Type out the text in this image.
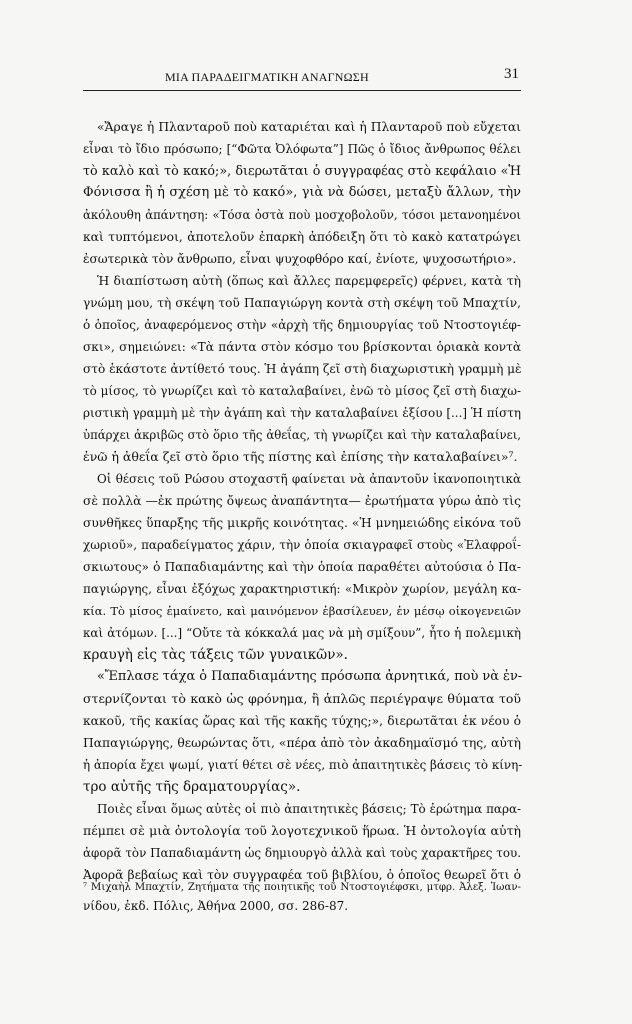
ΜΙΑ ΠΑΡΑΔΕΙΓΜΑΤΙΚΗ ΑΝΑΓΝΩΣΗ	31
«Ἄραγε ἡ Πλανταροῦ ποὺ καταριέται καὶ ἡ Πλανταροῦ ποὺ εὔχεται
εἶναι τὸ ἴδιο πρόσωπο; [“Φῶτα Ὀλόφωτα”] Πῶς ὁ ἴδιος ἄνθρωπος θέλει
τὸ καλὸ καὶ τὸ κακό;», διερωτᾶται ὁ συγγραφέας στὸ κεφάλαιο «Ἡ
Φόνισσα ἢ ἡ σχέση μὲ τὸ κακό», γιὰ νὰ δώσει, μεταξὺ ἄλλων, τὴν
ἀκόλουθη ἀπάντηση: «Τόσα ὀστὰ ποὺ μοσχοβολοῦν, τόσοι μετανοημένοι
καὶ τυπτόμενοι, ἀποτελοῦν ἐπαρκὴ ἀπόδειξη ὅτι τὸ κακὸ κατατρώγει
ἐσωτερικὰ τὸν ἄνθρωπο, εἶναι ψυχοφθόρο καί, ἐνίοτε, ψυχοσωτήριο».
Ἡ διαπίστωση αὐτὴ (ὅπως καὶ ἄλλες παρεμφερεῖς) φέρνει, κατὰ τὴ
γνώμη μου, τὴ σκέψη τοῦ Παπαγιώργη κοντὰ στὴ σκέψη τοῦ Μπαχτίν,
ὁ ὁποῖος, ἀναφερόμενος στὴν «ἀρχὴ τῆς δημιουργίας τοῦ Ντοστογιέφ-
σκι», σημειώνει: «Τὰ πάντα στὸν κόσμο του βρίσκονται ὁριακὰ κοντὰ
στὸ ἑκάστοτε ἀντίθετό τους. Ἡ ἀγάπη ζεῖ στὴ διαχωριστικὴ γραμμὴ μὲ
τὸ μίσος, τὸ γνωρίζει καὶ τὸ καταλαβαίνει, ἐνῶ τὸ μίσος ζεῖ στὴ διαχω-
ριστικὴ γραμμὴ μὲ τὴν ἀγάπη καὶ τὴν καταλαβαίνει ἐξίσου [...] Ἡ πίστη
ὑπάρχει ἀκριβῶς στὸ ὅριο τῆς ἀθεΐας, τὴ γνωρίζει καὶ τὴν καταλαβαίνει,
ἐνῶ ἡ ἀθεΐα ζεῖ στὸ ὅριο τῆς πίστης καὶ ἐπίσης τὴν καταλαβαίνει»⁷.
Οἱ θέσεις τοῦ Ρώσου στοχαστῆ φαίνεται νὰ ἀπαντοῦν ἱκανοποιητικὰ
σὲ πολλὰ —ἐκ πρώτης ὄψεως ἀναπάντητα— ἐρωτήματα γύρω ἀπὸ τὶς
συνθῆκες ὕπαρξης τῆς μικρῆς κοινότητας. «Ἡ μνημειώδης εἰκόνα τοῦ
χωριοῦ», παραδείγματος χάριν, τὴν ὁποία σκιαγραφεῖ στοὺς «Ἐλαφροΐ-
σκιωτους» ὁ Παπαδιαμάντης καὶ τὴν ὁποία παραθέτει αὐτούσια ὁ Πα-
παγιώργης, εἶναι ἐξόχως χαρακτηριστική: «Μικρὸν χωρίον, μεγάλη κα-
κία. Τὸ μίσος ἐμαίνετο, καὶ μαινόμενον ἐβασίλευεν, ἐν μέσῳ οἰκογενειῶν
καὶ ἀτόμων. [...] “Οὔτε τὰ κόκκαλά μας νὰ μὴ σμίξουν”, ἦτο ἡ πολεμικὴ
κραυγὴ εἰς τὰς τάξεις τῶν γυναικῶν».
«Ἔπλασε τάχα ὁ Παπαδιαμάντης πρόσωπα ἀρνητικά, ποὺ νὰ ἐν-
στερνίζονται τὸ κακὸ ὡς φρόνημα, ἢ ἁπλῶς περιέγραψε θύματα τοῦ
κακοῦ, τῆς κακίας ὥρας καὶ τῆς κακῆς τύχης;», διερωτᾶται ἐκ νέου ὁ
Παπαγιώργης, θεωρώντας ὅτι, «πέρα ἀπὸ τὸν ἀκαδημαϊσμό της, αὐτὴ
ἡ ἀπορία ἔχει ψωμί, γιατί θέτει σὲ νέες, πιὸ ἀπαιτητικὲς βάσεις τὸ κίνη-
τρο αὐτῆς τῆς δραματουργίας».
Ποιὲς εἶναι ὅμως αὐτὲς οἱ πιὸ ἀπαιτητικὲς βάσεις; Τὸ ἐρώτημα παρα-
πέμπει σὲ μιὰ ὀντολογία τοῦ λογοτεχνικοῦ ἥρωα. Ἡ ὀντολογία αὐτὴ
ἀφορᾶ τὸν Παπαδιαμάντη ὡς δημιουργὸ ἀλλὰ καὶ τοὺς χαρακτῆρες του.
Ἀφορᾶ βεβαίως καὶ τὸν συγγραφέα τοῦ βιβλίου, ὁ ὁποῖος θεωρεῖ ὅτι ὁ
⁷ Μιχαὴλ Μπαχτίν, Ζητήματα τῆς ποιητικῆς τοῦ Ντοστογιέφσκι, μτφρ. Ἀλεξ. Ἰωαν-
νίδου, ἐκδ. Πόλις, Ἀθήνα 2000, σσ. 286-87.
